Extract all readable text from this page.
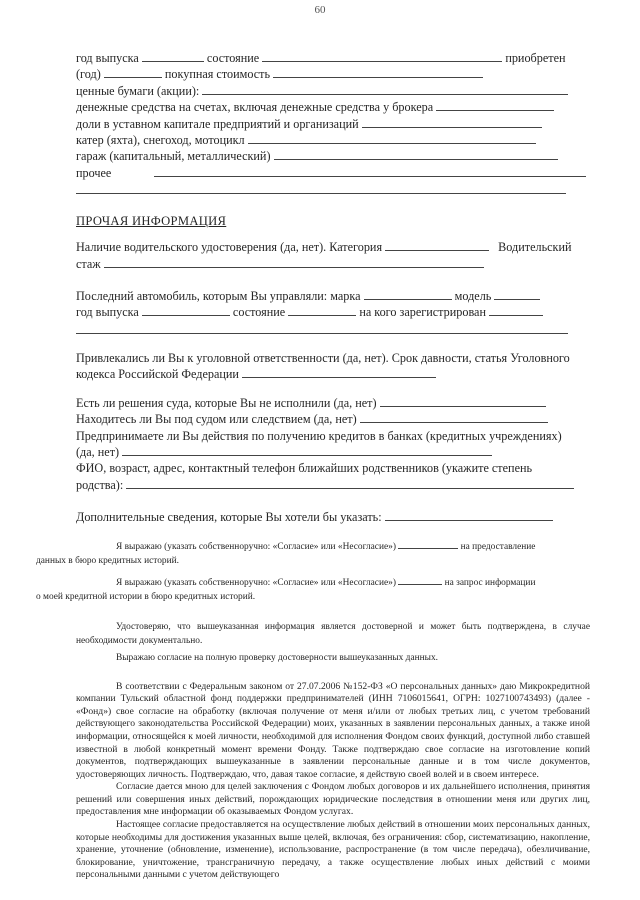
60
год выпуска	состояние	приобретен
(год)	покупная стоимость
ценные бумаги (акции):
денежные средства на счетах, включая денежные средства у брокера
доли в уставном капитале предприятий и организаций
катер (яхта), снегоход, мотоцикл
гараж (капитальный, металлический)
прочее
ПРОЧАЯ ИНФОРМАЦИЯ
Наличие водительского удостоверения (да, нет). Категория	Водительский
стаж
Последний автомобиль, которым Вы управляли: марка	модель
год выпуска	состояние	на кого зарегистрирован
Привлекались ли Вы к уголовной ответственности (да, нет). Срок давности, статья Уголовного
кодекса Российской Федерации
Есть ли решения суда, которые Вы не исполнили (да, нет)
Находитесь ли Вы под судом или следствием (да, нет)
Предпринимаете ли Вы действия по получению кредитов в банках (кредитных учреждениях)
(да, нет)
ФИО, возраст, адрес, контактный телефон ближайших родственников (укажите степень
родства):
Дополнительные сведения, которые Вы хотели бы указать:
Я выражаю (указать собственноручно: «Согласие» или «Несогласие»)	на предоставление
данных в бюро кредитных историй.
Я выражаю (указать собственноручно: «Согласие» или «Несогласие»)	на запрос информации
о моей кредитной истории в бюро кредитных историй.
Удостоверяю, что вышеуказанная информация является достоверной и может быть подтверждена, в случае необходимости документально.
Выражаю согласие на полную проверку достоверности вышеуказанных данных.
В соответствии с Федеральным законом от 27.07.2006 №152-ФЗ «О персональных данных» даю Микрокредитной компании Тульский областной фонд поддержки предпринимателей (ИНН 7106015641, ОГРН: 1027100743493) (далее - «Фонд») свое согласие на обработку (включая получение от меня и/или от любых третьих лиц, с учетом требований действующего законодательства Российской Федерации) моих, указанных в заявлении персональных данных, а также иной информации, относящейся к моей личности, необходимой для исполнения Фондом своих функций, доступной либо ставшей известной в любой конкретный момент времени Фонду. Также подтверждаю свое согласие на изготовление копий документов, подтверждающих вышеуказанные в заявлении персональные данные и в том числе документов, удостоверяющих личность. Подтверждаю, что, давая такое согласие, я действую своей волей и в своем интересе.
Согласие дается мною для целей заключения с Фондом любых договоров и их дальнейшего исполнения, принятия решений или совершения иных действий, порождающих юридические последствия в отношении меня или других лиц, предоставления мне информации об оказываемых Фондом услугах.
Настоящее согласие предоставляется на осуществление любых действий в отношении моих персональных данных, которые необходимы для достижения указанных выше целей, включая, без ограничения: сбор, систематизацию, накопление, хранение, уточнение (обновление, изменение), использование, распространение (в том числе передача), обезличивание, блокирование, уничтожение, трансграничную передачу, а также осуществление любых иных действий с моими персональными данными с учетом действующего
